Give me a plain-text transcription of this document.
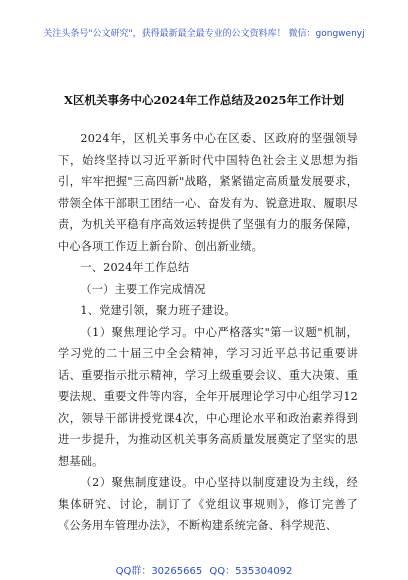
关注头条号"公文研究"，获得最新最全最专业的公文资料库！ 微信：gongwenyj
X区机关事务中心2024年工作总结及2025年工作计划

2024年，区机关事务中心在区委、区政府的坚强领导下，始终坚持以习近平新时代中国特色社会主义思想为指引，牢牢把握"三高四新"战略，紧紧锚定高质量发展要求，带领全体干部职工团结一心、奋发有为、锐意进取、履职尽责，为机关平稳有序高效运转提供了坚强有力的服务保障，中心各项工作迈上新台阶、创出新业绩。

一、2024年工作总结

（一）主要工作完成情况

1、党建引领，聚力班子建设。

（1）聚焦理论学习。中心严格落实"第一议题"机制，学习党的二十届三中全会精神，学习习近平总书记重要讲话、重要指示批示精神，学习上级重要会议、重大决策、重要法规、重要文件等内容，全年开展理论学习中心组学习12次，领导干部讲授党课4次，中心理论水平和政治素养得到进一步提升，为推动区机关事务高质量发展奠定了坚实的思想基础。

（2）聚焦制度建设。中心坚持以制度建设为主线，经集体研究、讨论，制订了《党组议事规则》，修订完善了《公务用车管理办法》，不断构建系统完备、科学规范、

QQ群：30265665 QQ：535304092
